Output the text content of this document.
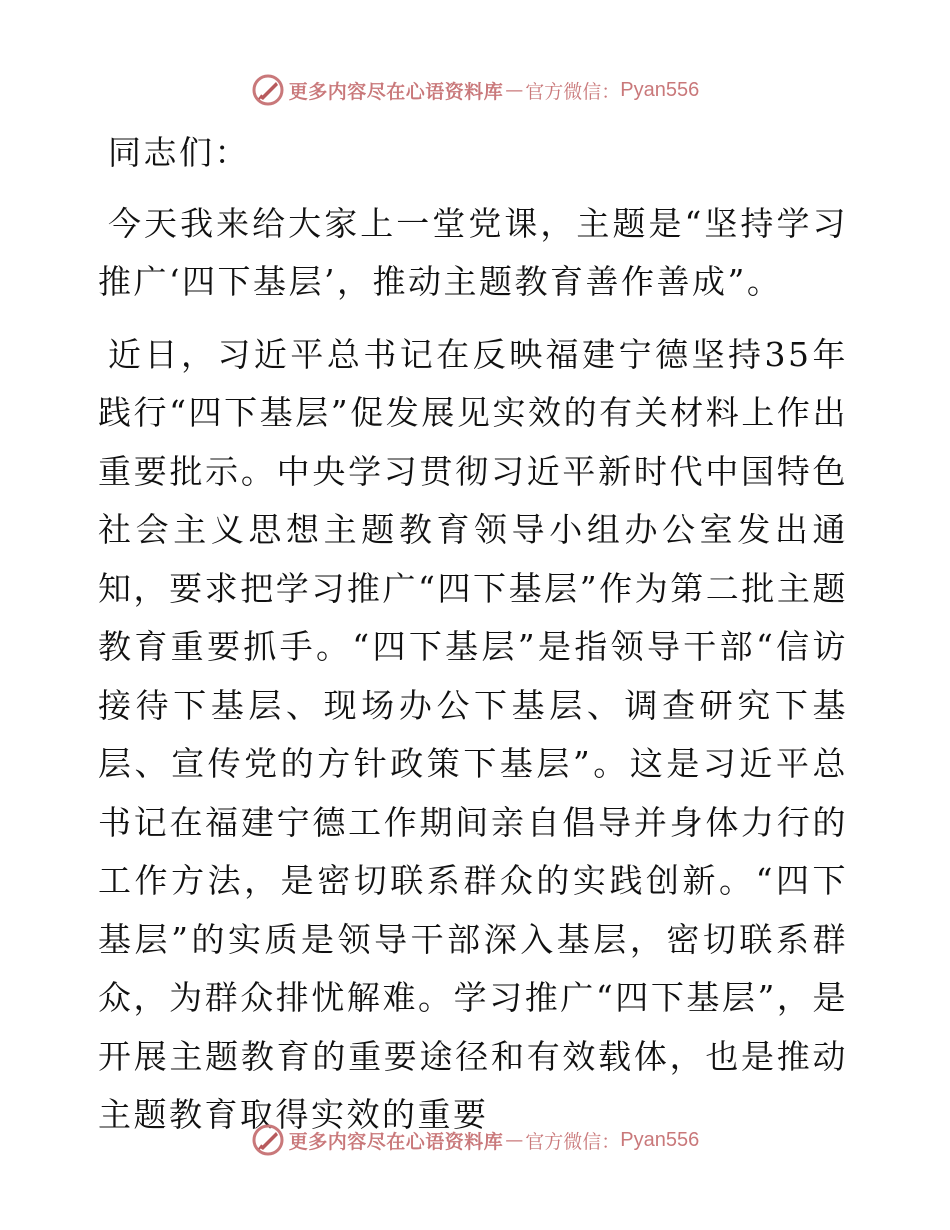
更多内容尽在心语资料库 — 官方微信： Pyan556

同志们：

今天我来给大家上一堂党课，主题是“坚持学习推广‘四下基层’，推动主题教育善作善成”。

近日，习近平总书记在反映福建宁德坚持35年践行“四下基层”促发展见实效的有关材料上作出重要批示。中央学习贯彻习近平新时代中国特色社会主义思想主题教育领导小组办公室发出通知，要求把学习推广“四下基层”作为第二批主题教育重要抓手。“四下基层”是指领导干部“信访接待下基层、现场办公下基层、调查研究下基层、宣传党的方针政策下基层”。这是习近平总书记在福建宁德工作期间亲自倡导并身体力行的工作方法，是密切联系群众的实践创新。“四下基层”的实质是领导干部深入基层，密切联系群众，为群众排忧解难。学习推广“四下基层”，是开展主题教育的重要途径和有效载体，也是推动主题教育取得实效的重要

更多内容尽在心语资料库 — 官方微信： Pyan556
